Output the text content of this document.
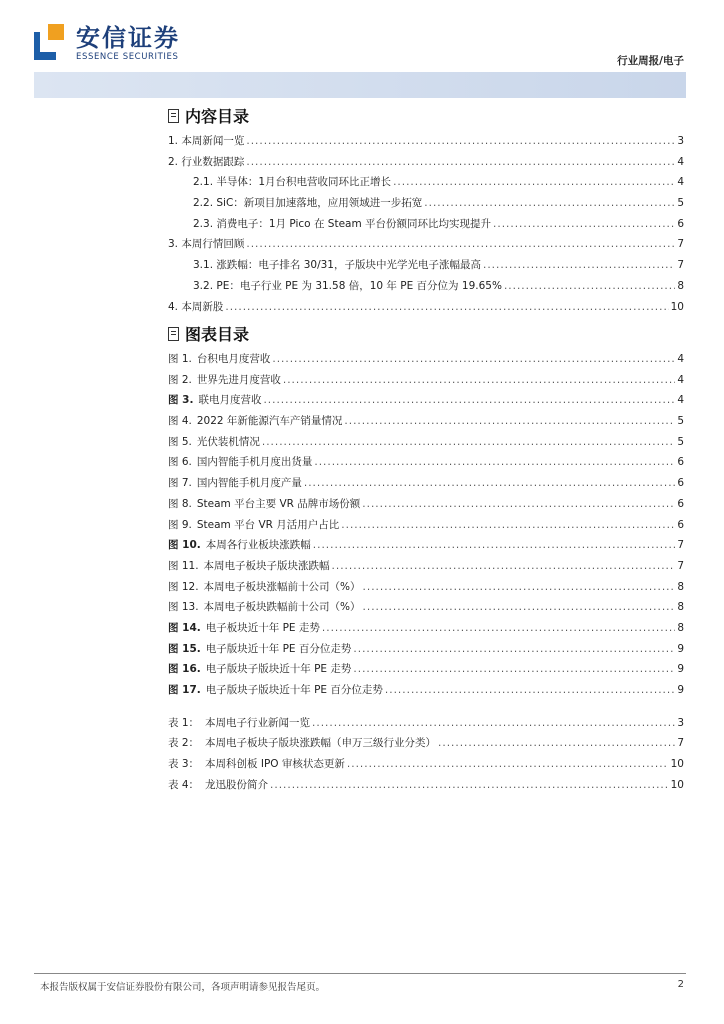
安信证券
ESSENCE SECURITIES	行业周报/电子
内容目录
1. 本周新闻一览 .....	3
2. 行业数据跟踪 .....	4
2.1. 半导体：1月台积电营收同环比正增长 .....	4
2.2. SiC：新项目加速落地，应用领域进一步拓宽 .....	5
2.3. 消费电子：1月 Pico 在 Steam 平台份额同环比均实现提升 .....	6
3. 本周行情回顾 .....	7
3.1. 涨跌幅：电子排名 30/31，子版块中光学光电子涨幅最高 .....	7
3.2. PE：电子行业 PE 为 31.58 倍，10 年 PE 百分位为 19.65% .....	8
4. 本周新股 .....	10
图表目录
图 1. 台积电月度营收 .....	4
图 2. 世界先进月度营收 .....	4
图 3. 联电月度营收 .....	4
图 4. 2022 年新能源汽车产销量情况 .....	5
图 5. 光伏装机情况 .....	5
图 6. 国内智能手机月度出货量 .....	6
图 7. 国内智能手机月度产量 .....	6
图 8. Steam 平台主要 VR 品牌市场份额 .....	6
图 9. Steam 平台 VR 月活用户占比 .....	6
图 10. 本周各行业板块涨跌幅 .....	7
图 11. 本周电子板块子版块涨跌幅 .....	7
图 12. 本周电子板块涨幅前十公司（%） .....	8
图 13. 本周电子板块跌幅前十公司（%） .....	8
图 14. 电子板块近十年 PE 走势 .....	8
图 15. 电子版块近十年 PE 百分位走势 .....	9
图 16. 电子版块子版块近十年 PE 走势 .....	9
图 17. 电子版块子版块近十年 PE 百分位走势 .....	9
表 1： 本周电子行业新闻一览 .....	3
表 2： 本周电子板块子版块涨跌幅（申万三级行业分类） .....	7
表 3： 本周科创板 IPO 审核状态更新 .....	10
表 4： 龙迅股份简介 .....	10
本报告版权属于安信证券股份有限公司，各项声明请参见报告尾页。	2
